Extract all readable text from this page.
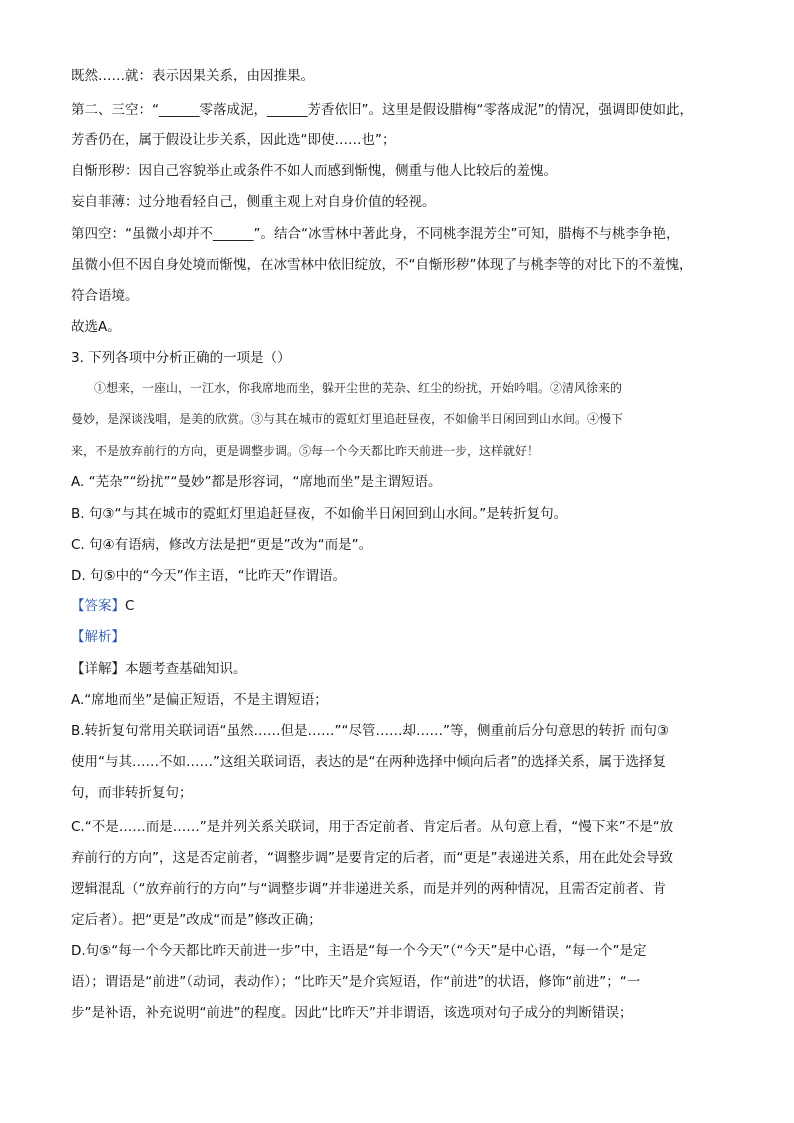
既然……就：表示因果关系，由因推果。
第二、三空：“______零落成泥，______芳香依旧”。这里是假设腊梅“零落成泥”的情况，强调即使如此，
芳香仍在，属于假设让步关系，因此选“即使……也”；
自惭形秽：因自己容貌举止或条件不如人而感到惭愧，侧重与他人比较后的羞愧。
妄自菲薄：过分地看轻自己，侧重主观上对自身价值的轻视。
第四空：“虽微小却并不______”。结合“冰雪林中著此身，不同桃李混芳尘”可知，腊梅不与桃李争艳，
虽微小但不因自身处境而惭愧，在冰雪林中依旧绽放，不“自惭形秽”体现了与桃李等的对比下的不羞愧，
符合语境。
故选A。
3. 下列各项中分析正确的一项是（）
①想来，一座山，一江水，你我席地而坐，躲开尘世的芜杂、红尘的纷扰，开始吟唱。②清风徐来的
曼妙，是深谈浅唱，是美的欣赏。③与其在城市的霓虹灯里追赶昼夜，不如偷半日闲回到山水间。④慢下
来，不是放弃前行的方向，更是调整步调。⑤每一个今天都比昨天前进一步，这样就好！
A. “芜杂”“纷扰”“曼妙”都是形容词，“席地而坐”是主谓短语。
B. 句③“与其在城市的霓虹灯里追赶昼夜，不如偷半日闲回到山水间。”是转折复句。
C. 句④有语病，修改方法是把“更是”改为“而是”。
D. 句⑤中的“今天”作主语，“比昨天”作谓语。
【答案】C
【解析】
【详解】本题考查基础知识。
A.“席地而坐”是偏正短语，不是主谓短语；
B.转折复句常用关联词语“虽然……但是……”“尽管……却……”等，侧重前后分句意思的转折 而句③
使用“与其……不如……”这组关联词语，表达的是“在两种选择中倾向后者”的选择关系，属于选择复
句，而非转折复句；
C.“不是……而是……”是并列关系关联词，用于否定前者、肯定后者。从句意上看，“慢下来”不是“放
弃前行的方向”，这是否定前者，“调整步调”是要肯定的后者，而“更是”表递进关系，用在此处会导致
逻辑混乱（“放弃前行的方向”与“调整步调”并非递进关系，而是并列的两种情况，且需否定前者、肯
定后者）。把“更是”改成“而是”修改正确；
D.句⑤“每一个今天都比昨天前进一步”中，主语是“每一个今天”（“今天”是中心语，“每一个”是定
语）；谓语是“前进”（动词，表动作）；“比昨天”是介宾短语，作“前进”的状语，修饰“前进”；“一
步”是补语，补充说明“前进”的程度。因此“比昨天”并非谓语，该选项对句子成分的判断错误；
